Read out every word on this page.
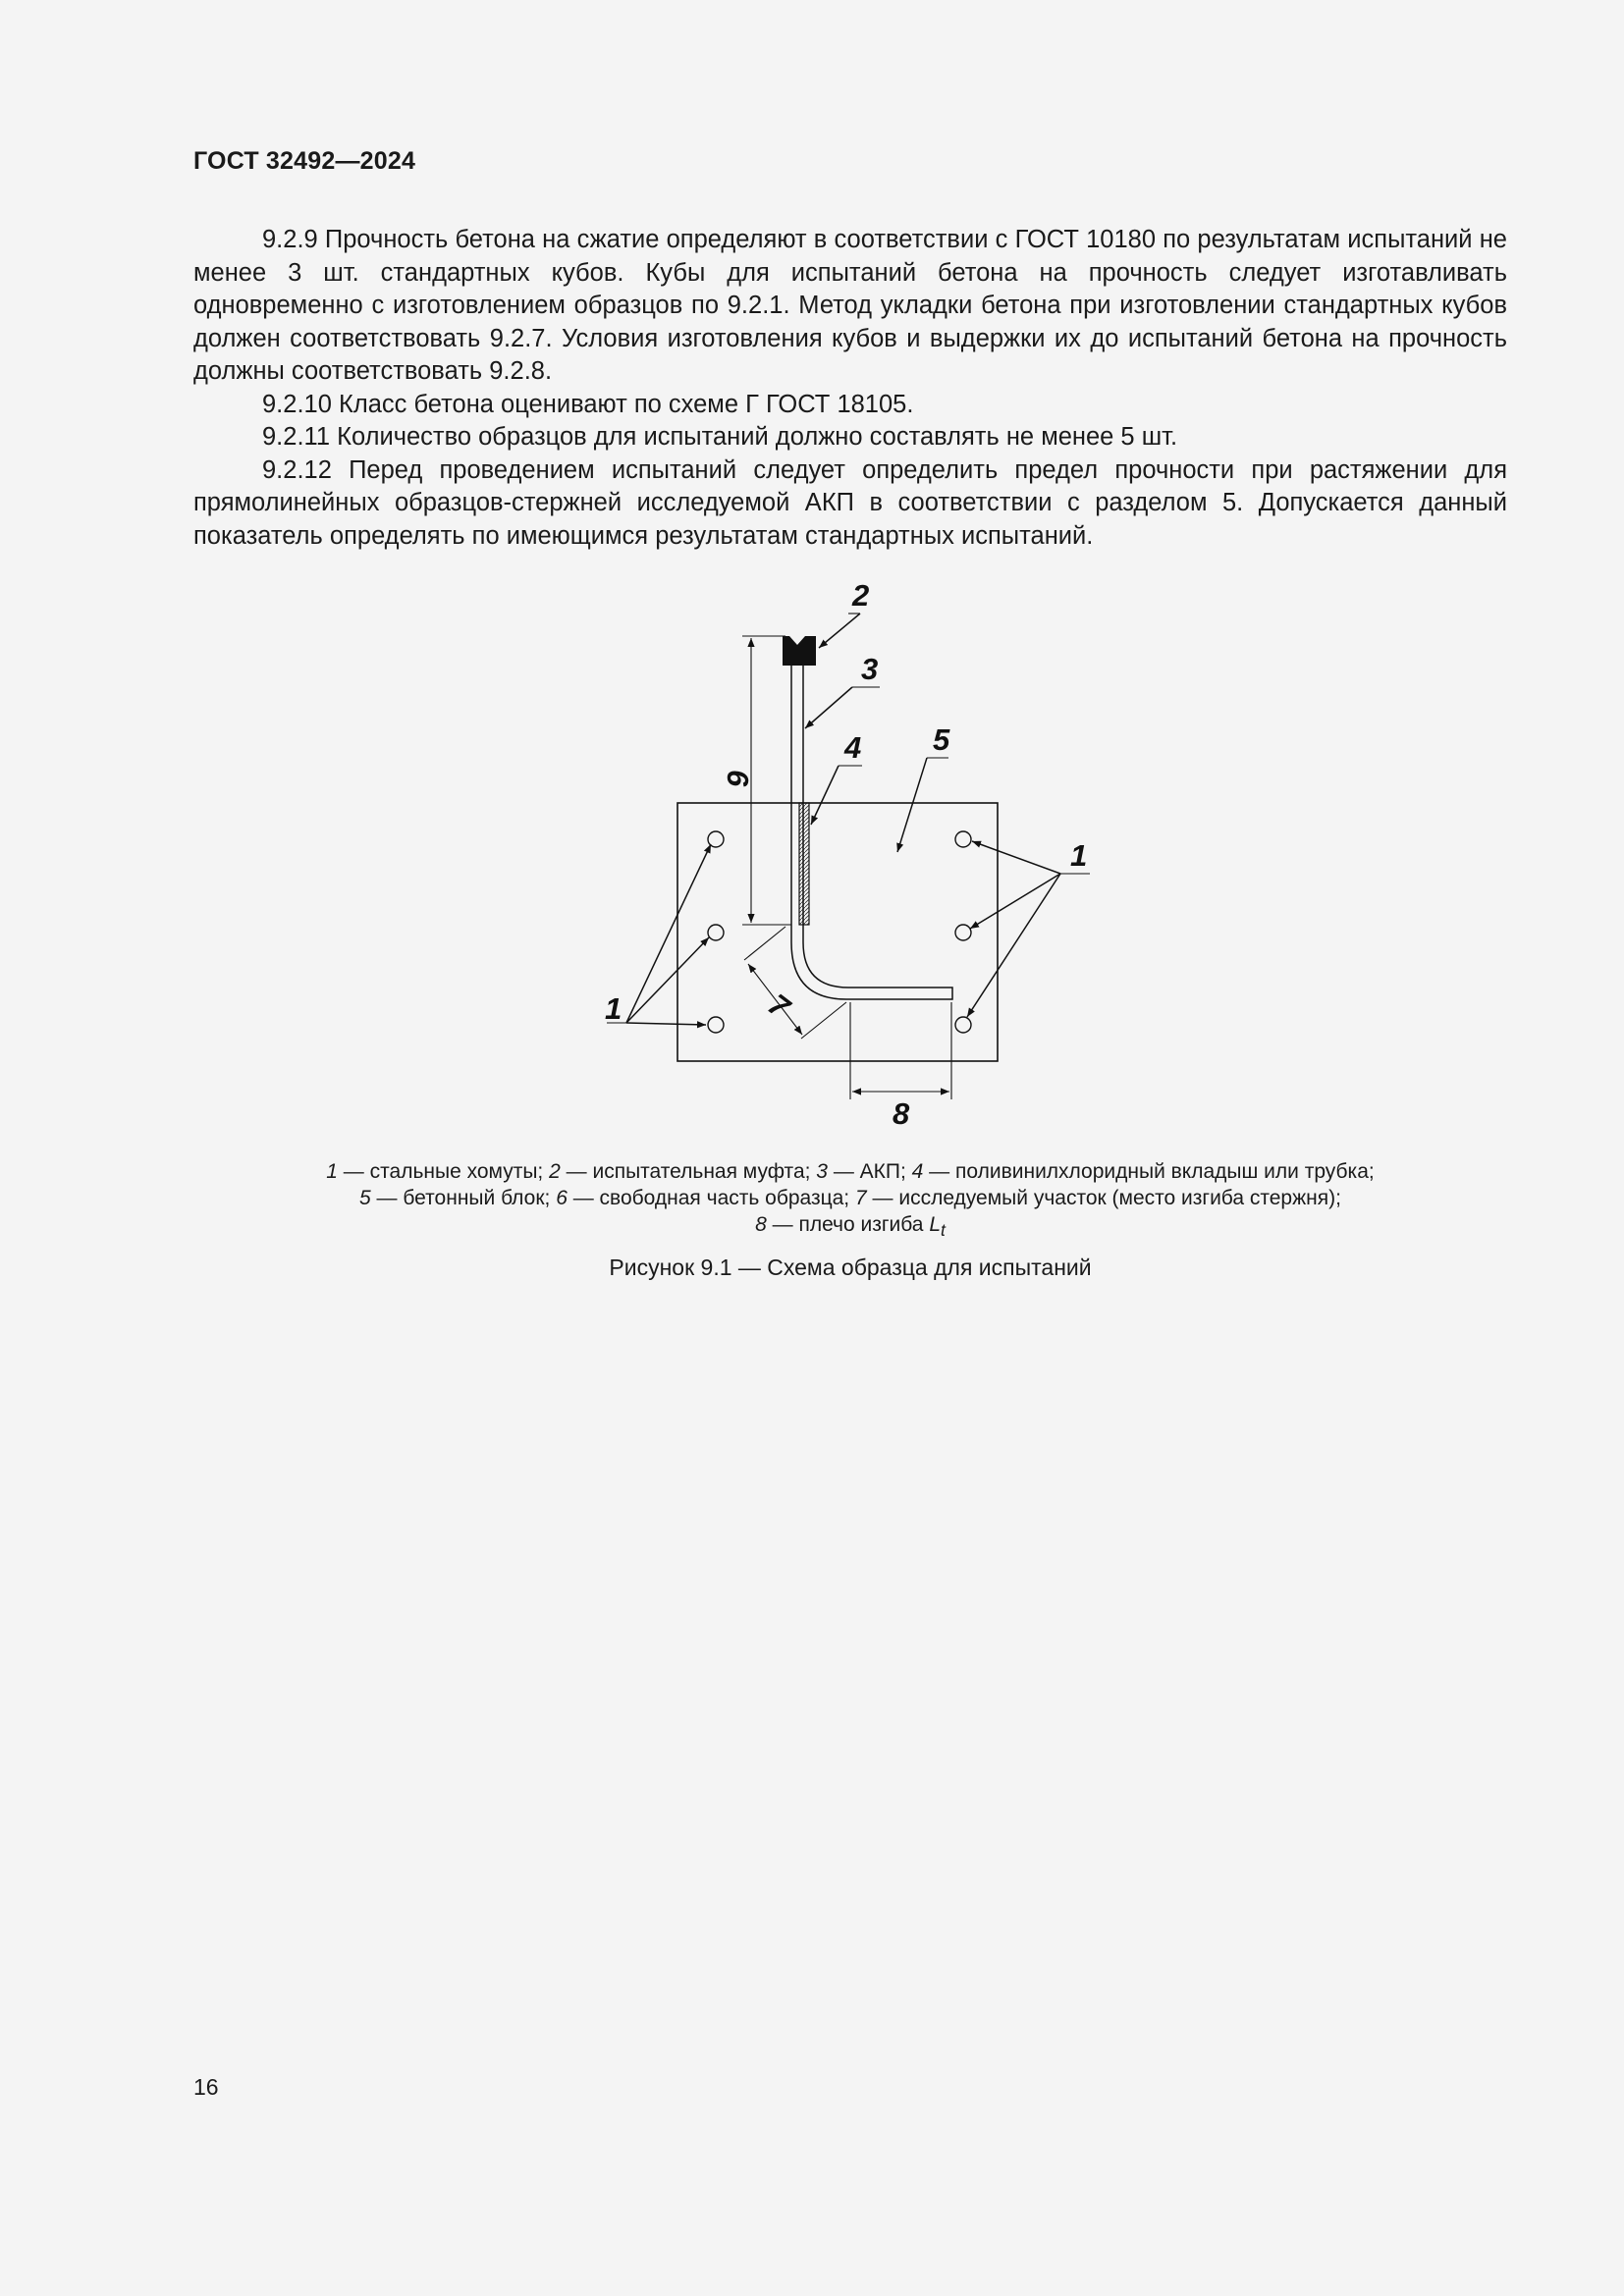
ГОСТ 32492—2024

9.2.9 Прочность бетона на сжатие определяют в соответствии с ГОСТ 10180 по результатам испытаний не менее 3 шт. стандартных кубов. Кубы для испытаний бетона на прочность следует изготавливать одновременно с изготовлением образцов по 9.2.1. Метод укладки бетона при изготовлении стандартных кубов должен соответствовать 9.2.7. Условия изготовления кубов и выдержки их до испытаний бетона на прочность должны соответствовать 9.2.8.

9.2.10 Класс бетона оценивают по схеме Г ГОСТ 18105.

9.2.11 Количество образцов для испытаний должно составлять не менее 5 шт.

9.2.12 Перед проведением испытаний следует определить предел прочности при растяжении для прямолинейных образцов-стержней исследуемой АКП в соответствии с разделом 5. Допускается данный показатель определять по имеющимся результатам стандартных испытаний.

2
3
4 5
1
1
6
7
8
1 — стальные хомуты; 2 — испытательная муфта; 3 — АКП; 4 — поливинилхлоридный вкладыш или трубка;
5 — бетонный блок; 6 — свободная часть образца; 7 — исследуемый участок (место изгиба стержня);
8 — плечо изгиба $L_t$
Рисунок 9.1 — Схема образца для испытаний
16
